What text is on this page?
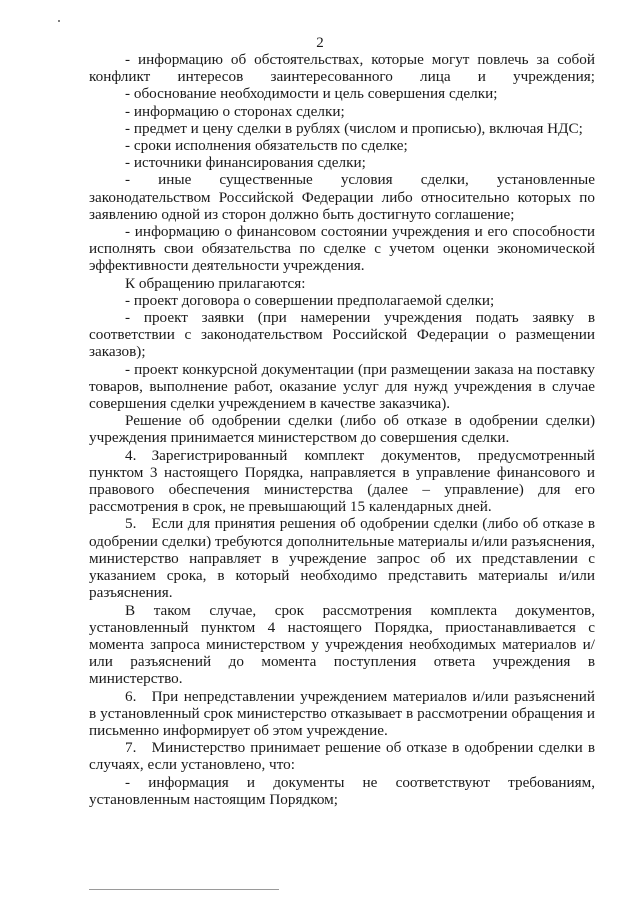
2

- информацию об обстоятельствах, которые могут повлечь за собой конфликт интересов заинтересованного лица и учреждения;

- обоснование необходимости и цель совершения сделки;

- информацию о сторонах сделки;

- предмет и цену сделки в рублях (числом и прописью), включая НДС;

- сроки исполнения обязательств по сделке;

- источники финансирования сделки;

- иные существенные условия сделки, установленные законодательством Российской Федерации либо относительно которых по заявлению одной из сторон должно быть достигнуто соглашение;

- информацию о финансовом состоянии учреждения и его способности исполнять свои обязательства по сделке с учетом оценки экономической эффективности деятельности учреждения.

К обращению прилагаются:

- проект договора о совершении предполагаемой сделки;

- проект заявки (при намерении учреждения подать заявку в соответствии с законодательством Российской Федерации о размещении заказов);

- проект конкурсной документации (при размещении заказа на поставку товаров, выполнение работ, оказание услуг для нужд учреждения в случае совершения сделки учреждением в качестве заказчика).

Решение об одобрении сделки (либо об отказе в одобрении сделки) учреждения принимается министерством до совершения сделки.

4. Зарегистрированный комплект документов, предусмотренный пунктом 3 настоящего Порядка, направляется в управление финансового и правового обеспечения министерства (далее – управление) для его рассмотрения в срок, не превышающий 15 календарных дней.

5. Если для принятия решения об одобрении сделки (либо об отказе в одобрении сделки) требуются дополнительные материалы и/или разъяснения, министерство направляет в учреждение запрос об их представлении с указанием срока, в который необходимо представить материалы и/или разъяснения.

В таком случае, срок рассмотрения комплекта документов, установленный пунктом 4 настоящего Порядка, приостанавливается с момента запроса министерством у учреждения необходимых материалов и/или разъяснений до момента поступления ответа учреждения в министерство.

6. При непредставлении учреждением материалов и/или разъяснений в установленный срок министерство отказывает в рассмотрении обращения и письменно информирует об этом учреждение.

7. Министерство принимает решение об отказе в одобрении сделки в случаях, если установлено, что:

- информация и документы не соответствуют требованиям, установленным настоящим Порядком;
